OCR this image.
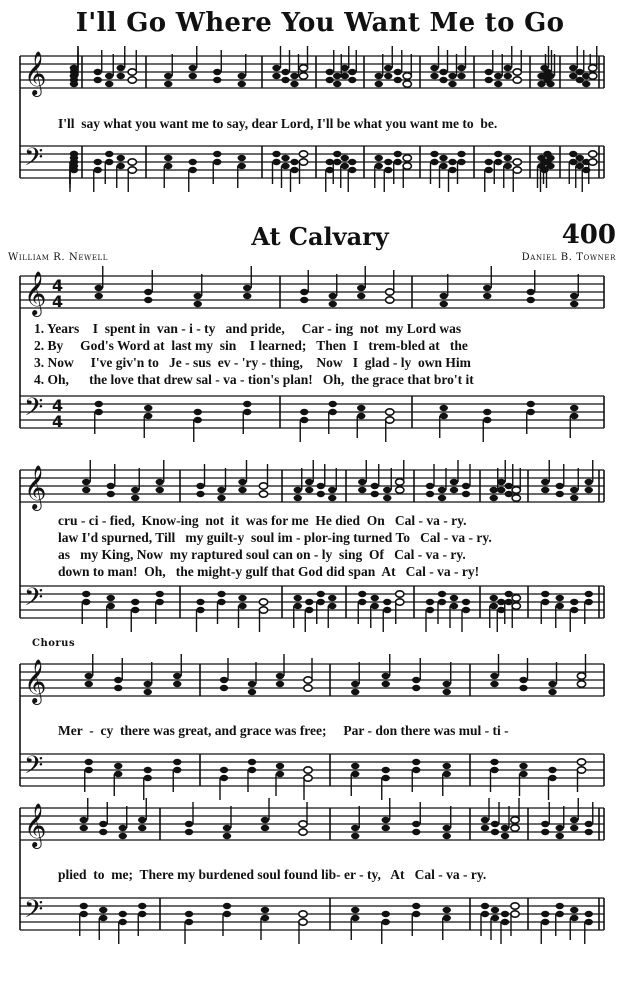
I'll Go Where You Want Me to Go
At Calvary	400
William R. Newell	Daniel B. Towner
𝄞
𝄢
𝄞
𝄢
𝄞
𝄢
𝄞
𝄢
𝄞
𝄢
4
4
4
4
I'll  say what you want me to say, dear Lord, I'll be what you want me to  be.
1. Years    I  spent in  van - i - ty   and pride,     Car - ing  not  my Lord was
2. By     God's Word at  last my  sin    I learned;   Then  I   trem-bled at   the
3. Now     I've giv'n to   Je - sus  ev - 'ry - thing,    Now   I  glad - ly  own Him
4. Oh,      the love that drew sal - va - tion's plan!   Oh,  the grace that bro't it
cru - ci - fied,  Know-ing  not  it  was for me  He died  On   Cal - va - ry.
law I'd spurned, Till   my guilt-y  soul im - plor-ing turned To   Cal - va - ry.
as   my King, Now  my raptured soul can on - ly  sing  Of   Cal - va - ry.
down to man!  Oh,   the might-y gulf that God did span  At   Cal - va - ry!
Chorus
Mer  -  cy  there was great, and grace was free;     Par - don there was mul - ti -
plied  to  me;  There my burdened soul found lib- er - ty,   At   Cal - va - ry.
